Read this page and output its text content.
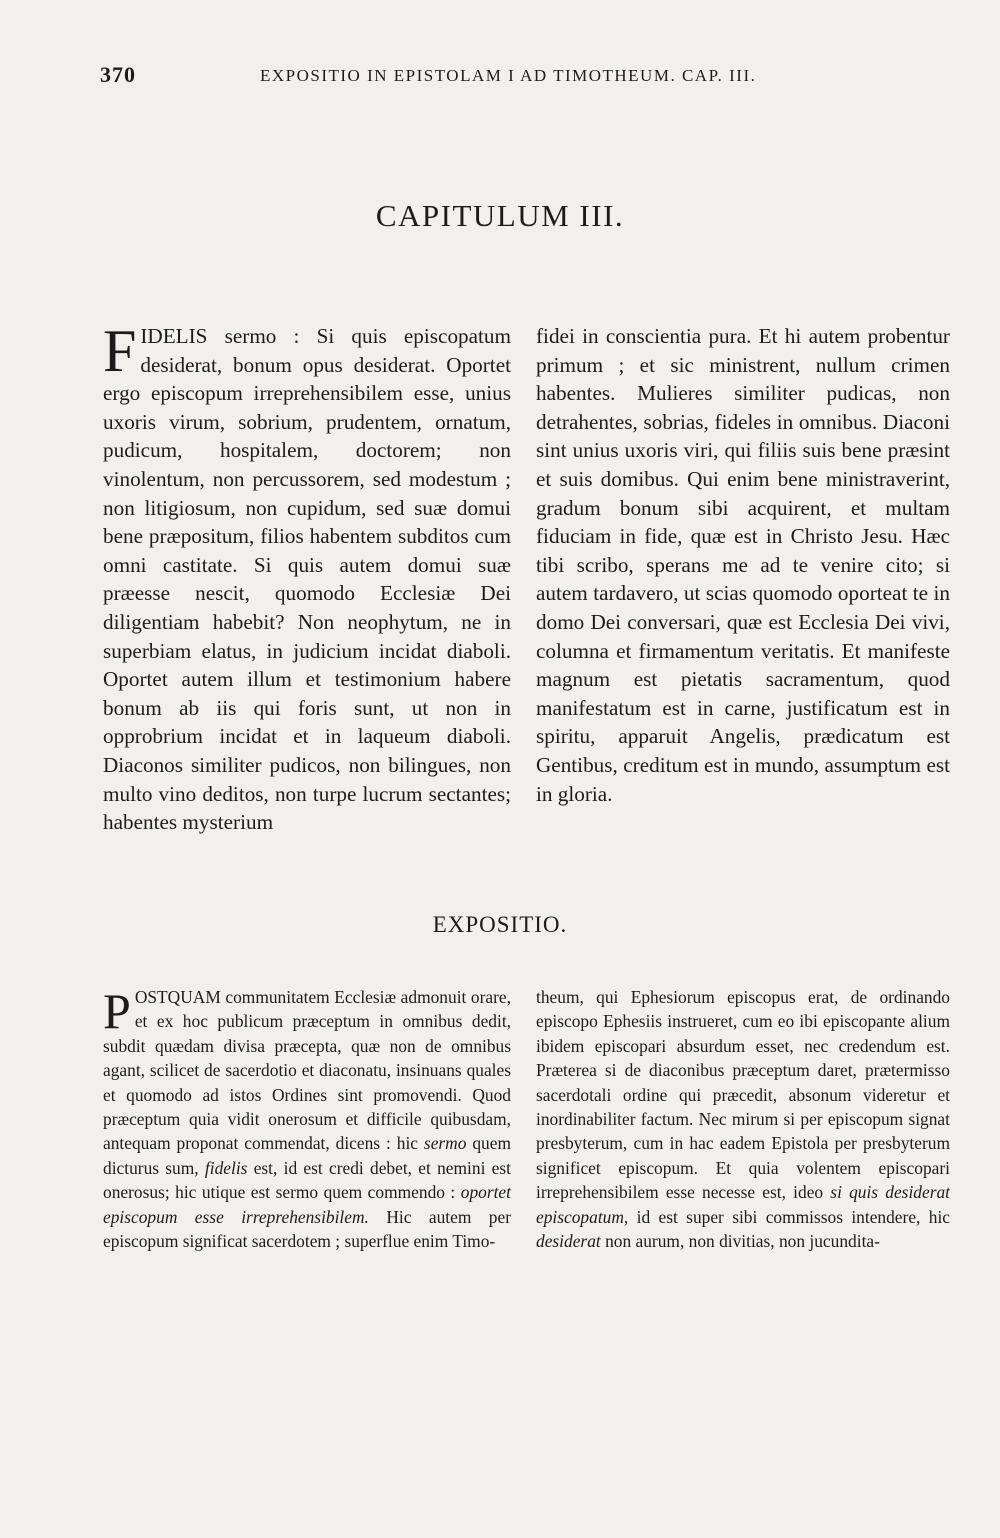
370	EXPOSITIO IN EPISTOLAM I AD TIMOTHEUM. CAP. III.
CAPITULUM III.

FIDELIS sermo : Si quis episcopatum desiderat, bonum opus desiderat. Oportet ergo episcopum irreprehensibilem esse, unius uxoris virum, sobrium, prudentem, ornatum, pudicum, hospitalem, doctorem; non vinolentum, non percussorem, sed modestum ; non litigiosum, non cupidum, sed suæ domui bene præpositum, filios habentem subditos cum omni castitate. Si quis autem domui suæ præesse nescit, quomodo Ecclesiæ Dei diligentiam habebit? Non neophytum, ne in superbiam elatus, in judicium incidat diaboli. Oportet autem illum et testimonium habere bonum ab iis qui foris sunt, ut non in opprobrium incidat et in laqueum diaboli. Diaconos similiter pudicos, non bilingues, non multo vino deditos, non turpe lucrum sectantes; habentes mysterium

fidei in conscientia pura. Et hi autem probentur primum ; et sic ministrent, nullum crimen habentes. Mulieres similiter pudicas, non detrahentes, sobrias, fideles in omnibus. Diaconi sint unius uxoris viri, qui filiis suis bene præsint et suis domibus. Qui enim bene ministraverint, gradum bonum sibi acquirent, et multam fiduciam in fide, quæ est in Christo Jesu. Hæc tibi scribo, sperans me ad te venire cito; si autem tardavero, ut scias quomodo oporteat te in domo Dei conversari, quæ est Ecclesia Dei vivi, columna et firmamentum veritatis. Et manifeste magnum est pietatis sacramentum, quod manifestatum est in carne, justificatum est in spiritu, apparuit Angelis, prædicatum est Gentibus, creditum est in mundo, assumptum est in gloria.

EXPOSITIO.

POSTQUAM communitatem Ecclesiæ admonuit orare, et ex hoc publicum præceptum in omnibus dedit, subdit quædam divisa præcepta, quæ non de omnibus agant, scilicet de sacerdotio et diaconatu, insinuans quales et quomodo ad istos Ordines sint promovendi. Quod præceptum quia vidit onerosum et difficile quibusdam, antequam proponat commendat, dicens : hic sermo quem dicturus sum, fidelis est, id est credi debet, et nemini est onerosus; hic utique est sermo quem commendo : oportet episcopum esse irreprehensibilem. Hic autem per episcopum significat sacerdotem ; superflue enim Timo-

theum, qui Ephesiorum episcopus erat, de ordinando episcopo Ephesiis instrueret, cum eo ibi episcopante alium ibidem episcopari absurdum esset, nec credendum est. Præterea si de diaconibus præceptum daret, prætermisso sacerdotali ordine qui præcedit, absonum videretur et inordinabiliter factum. Nec mirum si per episcopum signat presbyterum, cum in hac eadem Epistola per presbyterum significet episcopum. Et quia volentem episcopari irreprehensibilem esse necesse est, ideo si quis desiderat episcopatum, id est super sibi commissos intendere, hic desiderat non aurum, non divitias, non jucundita-
